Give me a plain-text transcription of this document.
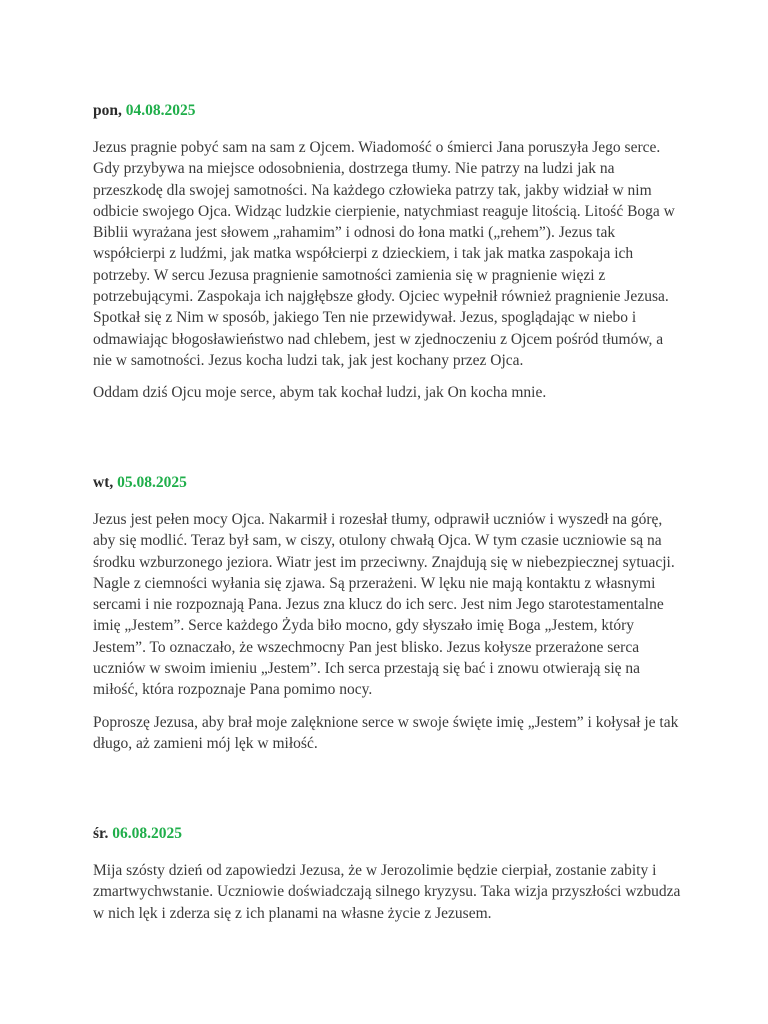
pon, 04.08.2025

Jezus pragnie pobyć sam na sam z Ojcem. Wiadomość o śmierci Jana poruszyła Jego serce. Gdy przybywa na miejsce odosobnienia, dostrzega tłumy. Nie patrzy na ludzi jak na przeszkodę dla swojej samotności. Na każdego człowieka patrzy tak, jakby widział w nim odbicie swojego Ojca. Widząc ludzkie cierpienie, natychmiast reaguje litością. Litość Boga w Biblii wyrażana jest słowem „rahamim” i odnosi do łona matki („rehem”). Jezus tak współcierpi z ludźmi, jak matka współcierpi z dzieckiem, i tak jak matka zaspokaja ich potrzeby. W sercu Jezusa pragnienie samotności zamienia się w pragnienie więzi z potrzebującymi. Zaspokaja ich najgłębsze głody. Ojciec wypełnił również pragnienie Jezusa. Spotkał się z Nim w sposób, jakiego Ten nie przewidywał. Jezus, spoglądając w niebo i odmawiając błogosławieństwo nad chlebem, jest w zjednoczeniu z Ojcem pośród tłumów, a nie w samotności. Jezus kocha ludzi tak, jak jest kochany przez Ojca.

Oddam dziś Ojcu moje serce, abym tak kochał ludzi, jak On kocha mnie.

wt, 05.08.2025

Jezus jest pełen mocy Ojca. Nakarmił i rozesłał tłumy, odprawił uczniów i wyszedł na górę, aby się modlić. Teraz był sam, w ciszy, otulony chwałą Ojca. W tym czasie uczniowie są na środku wzburzonego jeziora. Wiatr jest im przeciwny. Znajdują się w niebezpiecznej sytuacji. Nagle z ciemności wyłania się zjawa. Są przerażeni. W lęku nie mają kontaktu z własnymi sercami i nie rozpoznają Pana. Jezus zna klucz do ich serc. Jest nim Jego starotestamentalne imię „Jestem”. Serce każdego Żyda biło mocno, gdy słyszało imię Boga „Jestem, który Jestem”. To oznaczało, że wszechmocny Pan jest blisko. Jezus kołysze przerażone serca uczniów w swoim imieniu „Jestem”. Ich serca przestają się bać i znowu otwierają się na miłość, która rozpoznaje Pana pomimo nocy.

Poproszę Jezusa, aby brał moje zalęknione serce w swoje święte imię „Jestem” i kołysał je tak długo, aż zamieni mój lęk w miłość.

śr. 06.08.2025

Mija szósty dzień od zapowiedzi Jezusa, że w Jerozolimie będzie cierpiał, zostanie zabity i zmartwychwstanie. Uczniowie doświadczają silnego kryzysu. Taka wizja przyszłości wzbudza w nich lęk i zderza się z ich planami na własne życie z Jezusem.
